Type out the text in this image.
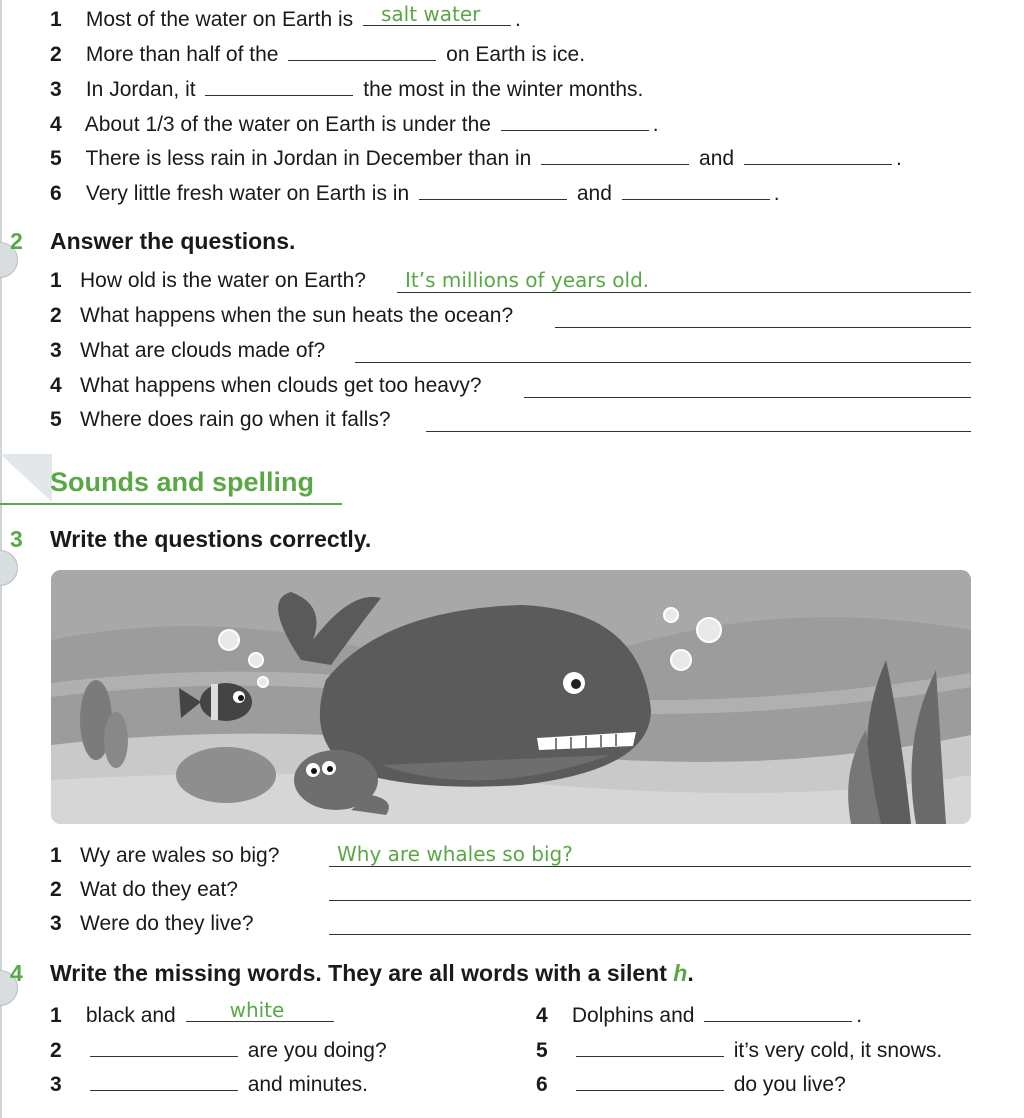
1 Most of the water on Earth is salt water .
2 More than half of the	on Earth is ice.
3 In Jordan, it	the most in the winter months.
4 About 1/3 of the water on Earth is under the	.
5 There is less rain in Jordan in December than in	and	.
6 Very little fresh water on Earth is in	and	.
2 Answer the questions.
1 How old is the water on Earth? It’s millions of years old.
2 What happens when the sun heats the ocean?
3 What are clouds made of?
4 What happens when clouds get too heavy?
5 Where does rain go when it falls?
Sounds and spelling
3 Write the questions correctly.
1 Wy are wales so big?	Why are whales so big?
2 Wat do they eat?
3 Were do they live?
4 Write the missing words. They are all words with a silent h.
1 black and	white
2	are you doing?
3	and minutes.
4 Dolphins and	.
5	it’s very cold, it snows.
6	do you live?
